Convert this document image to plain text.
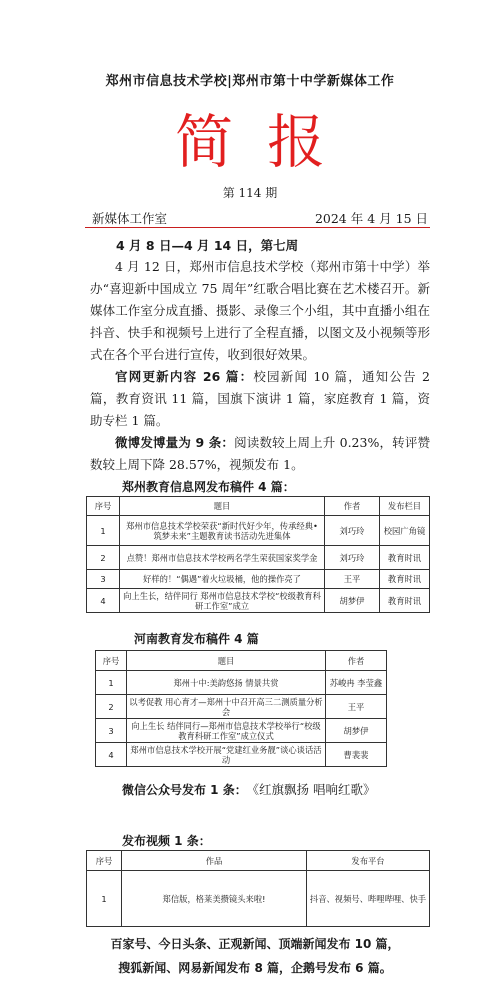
郑州市信息技术学校|郑州市第十中学新媒体工作
简报
第 114 期
新媒体工作室	2024 年 4 月 15 日
4 月 8 日—4 月 14 日，第七周
4 月 12 日，郑州市信息技术学校（郑州市第十中学）举办“喜迎新中国成立 75 周年”红歌合唱比赛在艺术楼召开。新媒体工作室分成直播、摄影、录像三个小组，其中直播小组在抖音、快手和视频号上进行了全程直播，以图文及小视频等形式在各个平台进行宣传，收到很好效果。
官网更新内容 26 篇：校园新闻 10 篇，通知公告 2 篇，教育资讯 11 篇，国旗下演讲 1 篇，家庭教育 1 篇，资助专栏 1 篇。
微博发博量为 9 条：阅读数较上周上升 0.23%，转评赞数较上周下降 28.57%，视频发布 1。
郑州教育信息网发布稿件 4 篇：
序号	题目	作者	发布栏目
1	郑州市信息技术学校荣获“新时代好少年，传承经典•筑梦未来”主题教育读书活动先进集体	刘巧玲	校园广角镜
2	点赞！郑州市信息技术学校两名学生荣获国家奖学金	刘巧玲	教育时讯
3	好样的！“偶遇”着火垃圾桶，他的操作亮了	王平	教育时讯
4	向上生长，结伴同行 郑州市信息技术学校“校级教育科研工作室”成立	胡梦伊	教育时讯
河南教育发布稿件 4 篇
序号	题目	作者
1	郑州十中:美韵悠扬 情景共赏	苏峻冉 李莹鑫
2	以考促教 用心育才—郑州十中召开高三二测质量分析会	王平
3	向上生长 结伴同行—郑州市信息技术学校举行“校级教育科研工作室”成立仪式	胡梦伊
4	郑州市信息技术学校开展“党建红业务靓”谈心谈话活动	曹裴裴
微信公众号发布 1 条： 《红旗飘扬 唱响红歌》
发布视频 1 条：
序号	作品	发布平台
1	郑信版，格莱美攒镜头来啦!	抖音、视频号、哔哩哔哩、快手
百家号、今日头条、正观新闻、顶端新闻发布 10 篇，
搜狐新闻、网易新闻发布 8 篇，企鹅号发布 6 篇。
